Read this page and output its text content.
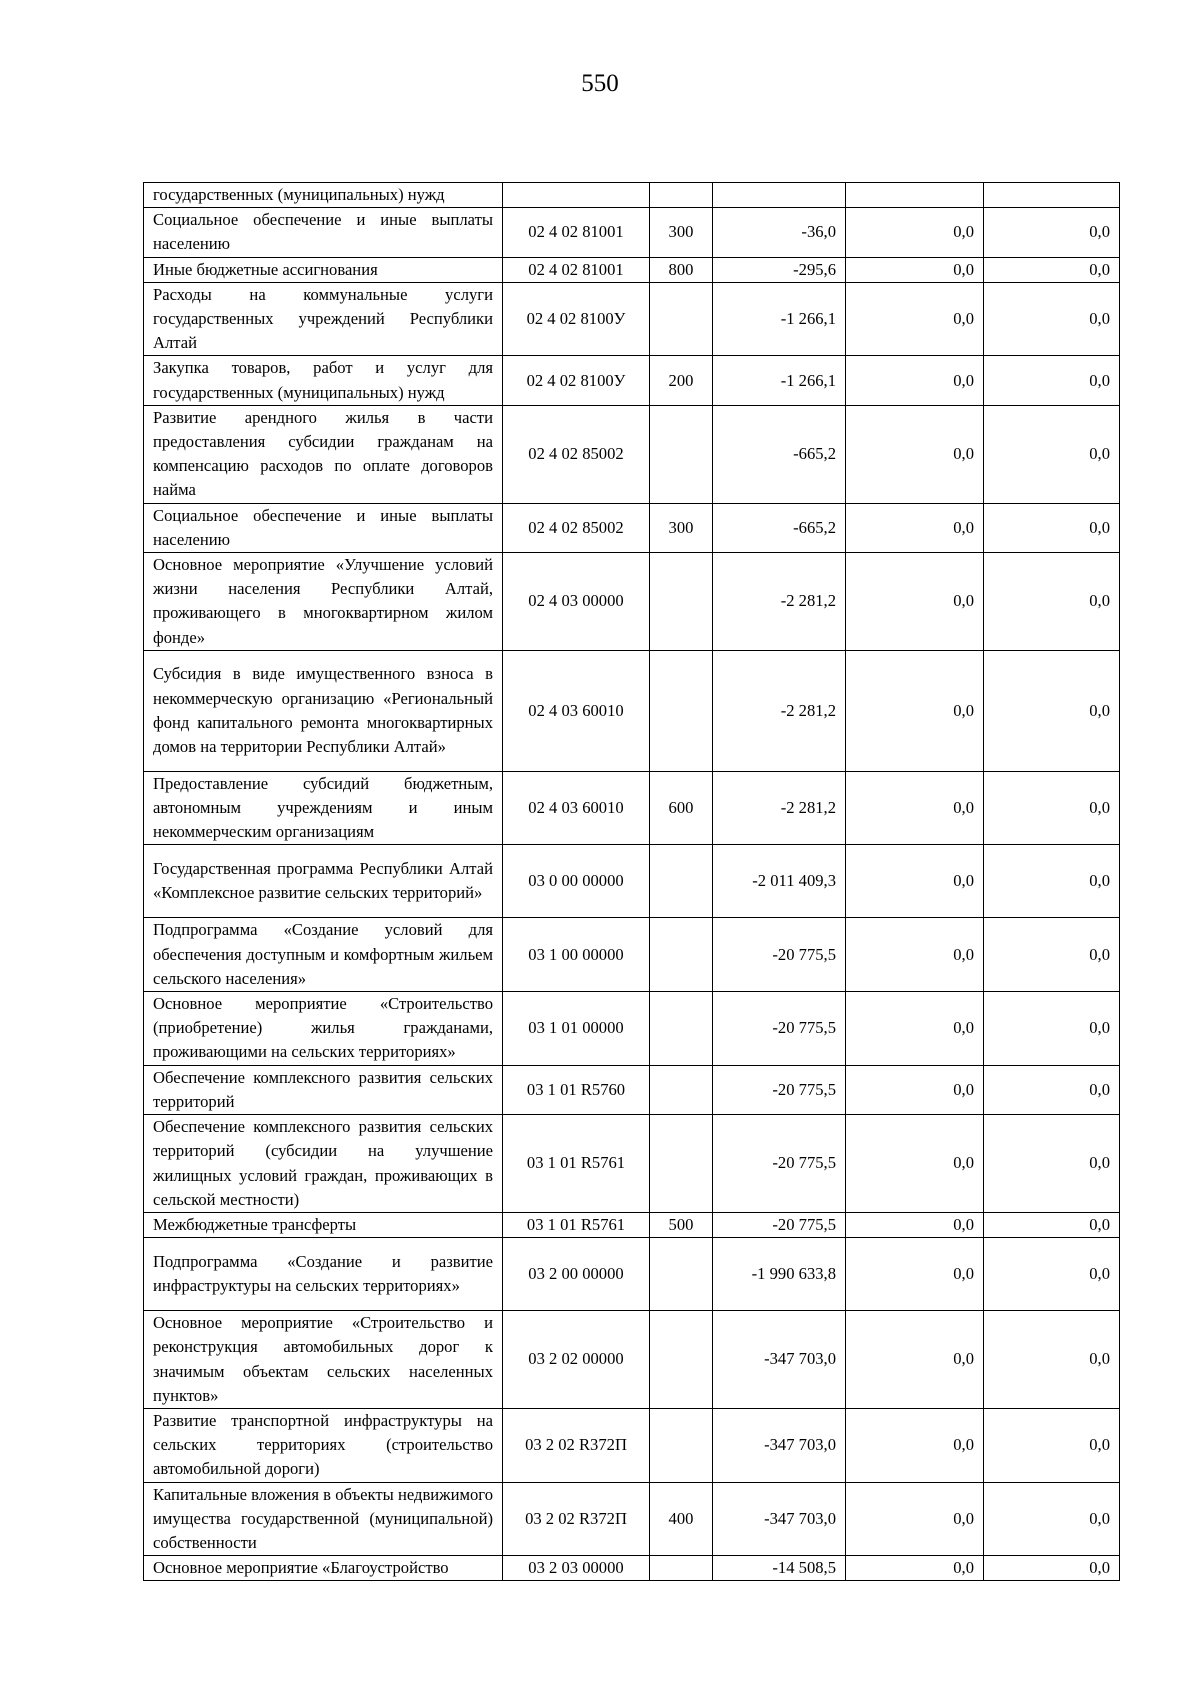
550
государственных (муниципальных) нужд					
Социальное обеспечение и иные выплаты населению	02 4 02 81001	300	-36,0	0,0	0,0
Иные бюджетные ассигнования	02 4 02 81001	800	-295,6	0,0	0,0
Расходы на коммунальные услуги государственных учреждений Республики Алтай	02 4 02 8100У		-1 266,1	0,0	0,0
Закупка товаров, работ и услуг для государственных (муниципальных) нужд	02 4 02 8100У	200	-1 266,1	0,0	0,0
Развитие арендного жилья в части предоставления субсидии гражданам на компенсацию расходов по оплате договоров найма	02 4 02 85002		-665,2	0,0	0,0
Социальное обеспечение и иные выплаты населению	02 4 02 85002	300	-665,2	0,0	0,0
Основное мероприятие «Улучшение условий жизни населения Республики Алтай, проживающего в многоквартирном жилом фонде»	02 4 03 00000		-2 281,2	0,0	0,0
Субсидия в виде имущественного взноса в некоммерческую организацию «Региональный фонд капитального ремонта многоквартирных домов на территории Республики Алтай»	02 4 03 60010		-2 281,2	0,0	0,0
Предоставление субсидий бюджетным, автономным учреждениям и иным некоммерческим организациям	02 4 03 60010	600	-2 281,2	0,0	0,0
Государственная программа Республики Алтай «Комплексное развитие сельских территорий»	03 0 00 00000		-2 011 409,3	0,0	0,0
Подпрограмма «Создание условий для обеспечения доступным и комфортным жильем сельского населения»	03 1 00 00000		-20 775,5	0,0	0,0
Основное мероприятие «Строительство (приобретение) жилья гражданами, проживающими на сельских территориях»	03 1 01 00000		-20 775,5	0,0	0,0
Обеспечение комплексного развития сельских территорий	03 1 01 R5760		-20 775,5	0,0	0,0
Обеспечение комплексного развития сельских территорий (субсидии на улучшение жилищных условий граждан, проживающих в сельской местности)	03 1 01 R5761		-20 775,5	0,0	0,0
Межбюджетные трансферты	03 1 01 R5761	500	-20 775,5	0,0	0,0
Подпрограмма «Создание и развитие инфраструктуры на сельских территориях»	03 2 00 00000		-1 990 633,8	0,0	0,0
Основное мероприятие «Строительство и реконструкция автомобильных дорог к значимым объектам сельских населенных пунктов»	03 2 02 00000		-347 703,0	0,0	0,0
Развитие транспортной инфраструктуры на сельских территориях (строительство автомобильной дороги)	03 2 02 R372П		-347 703,0	0,0	0,0
Капитальные вложения в объекты недвижимого имущества государственной (муниципальной) собственности	03 2 02 R372П	400	-347 703,0	0,0	0,0
Основное мероприятие «Благоустройство	03 2 03 00000		-14 508,5	0,0	0,0
